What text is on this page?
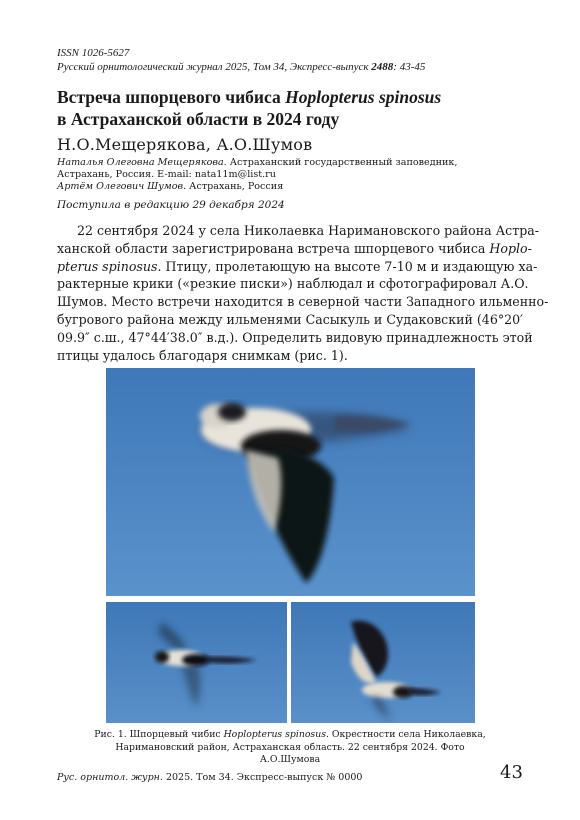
ISSN 1026-5627
Русский орнитологический журнал 2025, Том 34, Экспресс-выпуск 2488: 43-45
Встреча шпорцевого чибиса Hoplopterus spinosus
в Астраханской области в 2024 году
Н.О.Мещерякова, А.О.Шумов
Наталья Олеговна Мещерякова. Астраханский государственный заповедник,
Астрахань, Россия. E-mail: nata11m@list.ru
Артём Олегович Шумов. Астрахань, Россия
Поступила в редакцию 29 декабря 2024
22 сентября 2024 у села Николаевка Наримановского района Астра-
ханской области зарегистрирована встреча шпорцевого чибиса Hoplo-
pterus spinosus. Птицу, пролетающую на высоте 7-10 м и издающую ха-
рактерные крики («резкие писки») наблюдал и сфотографировал А.О.
Шумов. Место встречи находится в северной части Западного ильменно-
бугрового района между ильменями Сасыкуль и Судаковский (46°20′
09.9″ с.ш., 47°44′38.0″ в.д.). Определить видовую принадлежность этой
птицы удалось благодаря снимкам (рис. 1).
Рис. 1. Шпорцевый чибис Hoplopterus spinosus. Окрестности села Николаевка,
Наримановский район, Астраханская область. 22 сентября 2024. Фото А.О.Шумова
Рус. орнитол. журн. 2025. Том 34. Экспресс-выпуск № 0000	43
